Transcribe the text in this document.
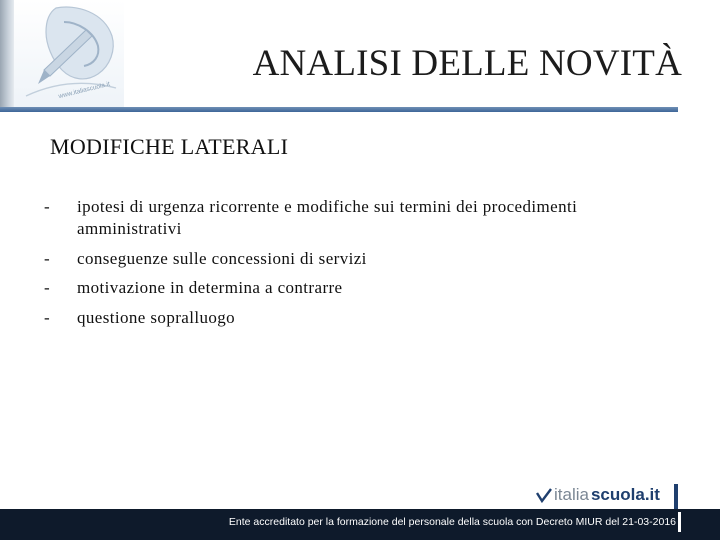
www.italiascuola.it
ANALISI DELLE NOVITÀ
MODIFICHE LATERALI
-	ipotesi di urgenza ricorrente e modifiche sui termini dei procedimenti amministrativi
-	conseguenze sulle concessioni di servizi
-	motivazione in determina a contrarre
-	questione sopralluogo
italia scuola.it
Ente accreditato per la formazione del personale della scuola con Decreto MIUR del 21-03-2016
